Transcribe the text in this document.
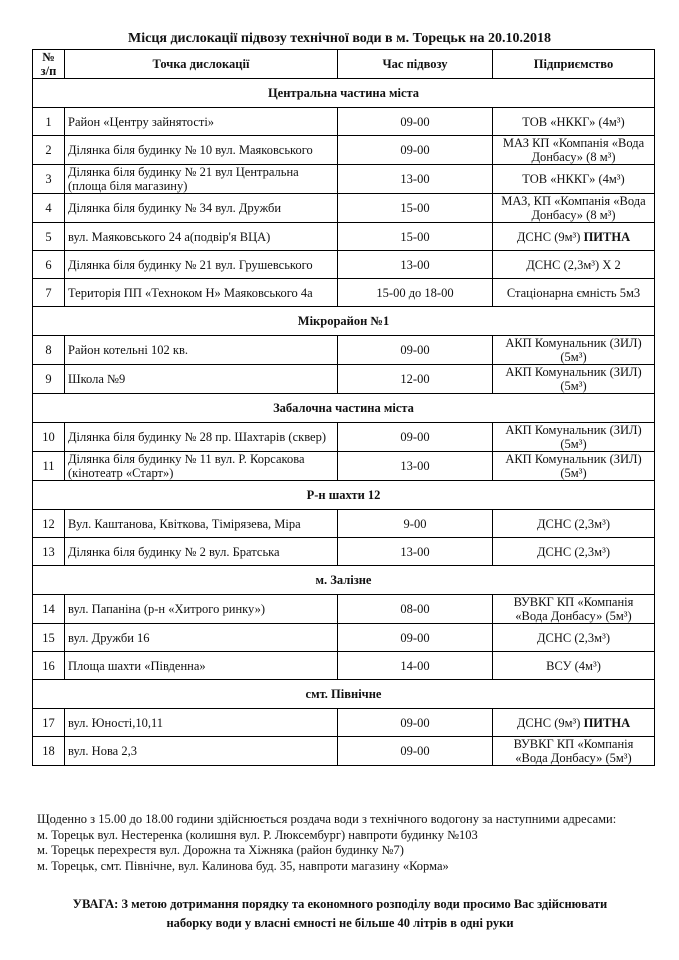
Місця дислокації підвозу технічної води в м. Торецьк на 20.10.2018
№
з/п	Точка дислокації	Час підвозу	Підприємство
Центральна частина міста			
1	Район «Центру зайнятості»	09-00	ТОВ «НККГ» (4м³)
2	Ділянка біля будинку № 10 вул. Маяковського	09-00	МАЗ КП «Компанія «Вода Донбасу» (8 м³)
3	Ділянка біля будинку № 21 вул Центральна (площа біля магазину)	13-00	ТОВ «НККГ» (4м³)
4	Ділянка біля будинку № 34 вул. Дружби	15-00	МАЗ, КП «Компанія «Вода Донбасу» (8 м³)
5	вул. Маяковського 24 а(подвір'я ВЦА)	15-00	ДСНС (9м³) ПИТНА
6	Ділянка біля будинку № 21 вул. Грушевського	13-00	ДСНС (2,3м³) Х 2
7	Територія ПП «Техноком Н» Маяковського 4а	15-00 до 18-00	Стаціонарна ємність 5м3
Мікрорайон №1			
8	Район котельні 102 кв.	09-00	АКП Комунальник (ЗИЛ) (5м³)
9	Школа №9	12-00	АКП Комунальник (ЗИЛ) (5м³)
Забалочна частина міста			
10	Ділянка біля будинку № 28 пр. Шахтарів (сквер)	09-00	АКП Комунальник (ЗИЛ) (5м³)
11	Ділянка біля будинку № 11 вул. Р. Корсакова (кінотеатр «Старт»)	13-00	АКП Комунальник (ЗИЛ) (5м³)
Р-н шахти 12			
12	Вул. Каштанова, Квіткова, Тімірязева, Міра	9-00	ДСНС (2,3м³)
13	Ділянка біля будинку № 2 вул. Братська	13-00	ДСНС (2,3м³)
м. Залізне			
14	вул. Папаніна (р-н «Хитрого ринку»)	08-00	ВУВКГ КП «Компанія «Вода Донбасу» (5м³)
15	вул. Дружби 16	09-00	ДСНС (2,3м³)
16	Площа шахти «Південна»	14-00	ВСУ (4м³)
смт. Північне			
17	вул. Юності,10,11	09-00	ДСНС (9м³) ПИТНА
18	вул. Нова 2,3	09-00	ВУВКГ КП «Компанія «Вода Донбасу» (5м³)
Щоденно з 15.00 до 18.00 години здійснюється роздача води з технічного водогону за наступними адресами:
м. Торецьк вул. Нестеренка (колишня вул. Р. Люксембург) навпроти будинку №103
м. Торецьк перехрестя вул. Дорожна та Хіжняка (район будинку №7)
м. Торецьк, смт. Північне, вул. Калинова буд. 35, навпроти магазину «Корма»
УВАГА: З метою дотримання порядку та економного розподілу води просимо Вас здійснювати
наборку води у власні ємності не більше 40 літрів в одні руки
